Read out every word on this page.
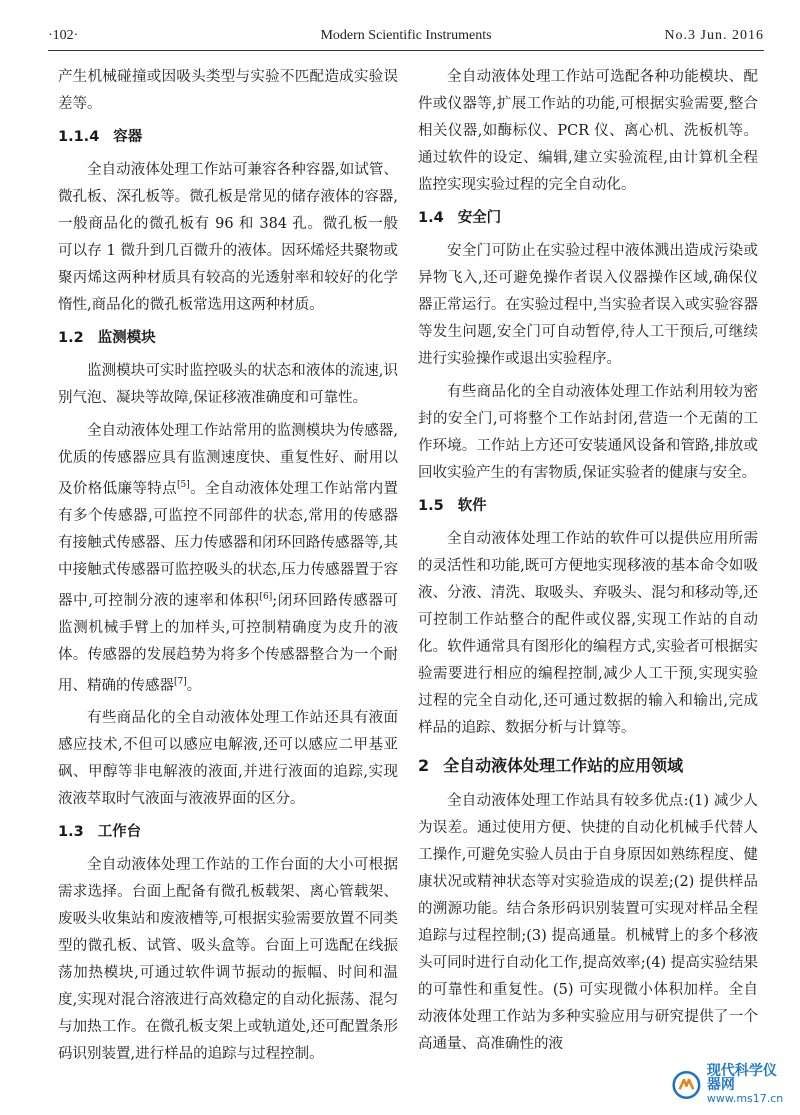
·102·	Modern Scientific Instruments	No.3 Jun. 2016

产生机械碰撞或因吸头类型与实验不匹配造成实验误差等。

1.1.4 容器

全自动液体处理工作站可兼容各种容器,如试管、微孔板、深孔板等。微孔板是常见的储存液体的容器,一般商品化的微孔板有 96 和 384 孔。微孔板一般可以存 1 微升到几百微升的液体。因环烯烃共聚物或聚丙烯这两种材质具有较高的光透射率和较好的化学惰性,商品化的微孔板常选用这两种材质。

1.2 监测模块

监测模块可实时监控吸头的状态和液体的流速,识别气泡、凝块等故障,保证移液准确度和可靠性。

全自动液体处理工作站常用的监测模块为传感器,优质的传感器应具有监测速度快、重复性好、耐用以及价格低廉等特点[5]。全自动液体处理工作站常内置有多个传感器,可监控不同部件的状态,常用的传感器有接触式传感器、压力传感器和闭环回路传感器等,其中接触式传感器可监控吸头的状态,压力传感器置于容器中,可控制分液的速率和体积[6];闭环回路传感器可监测机械手臂上的加样头,可控制精确度为皮升的液体。传感器的发展趋势为将多个传感器整合为一个耐用、精确的传感器[7]。

有些商品化的全自动液体处理工作站还具有液面感应技术,不但可以感应电解液,还可以感应二甲基亚砜、甲醇等非电解液的液面,并进行液面的追踪,实现液液萃取时气液面与液液界面的区分。

1.3 工作台

全自动液体处理工作站的工作台面的大小可根据需求选择。台面上配备有微孔板载架、离心管载架、废吸头收集站和废液槽等,可根据实验需要放置不同类型的微孔板、试管、吸头盒等。台面上可选配在线振荡加热模块,可通过软件调节振动的振幅、时间和温度,实现对混合溶液进行高效稳定的自动化振荡、混匀与加热工作。在微孔板支架上或轨道处,还可配置条形码识别装置,进行样品的追踪与过程控制。

全自动液体处理工作站可选配各种功能模块、配件或仪器等,扩展工作站的功能,可根据实验需要,整合相关仪器,如酶标仪、PCR 仪、离心机、洗板机等。通过软件的设定、编辑,建立实验流程,由计算机全程监控实现实验过程的完全自动化。

1.4 安全门

安全门可防止在实验过程中液体溅出造成污染或异物飞入,还可避免操作者误入仪器操作区域,确保仪器正常运行。在实验过程中,当实验者误入或实验容器等发生问题,安全门可自动暂停,待人工干预后,可继续进行实验操作或退出实验程序。

有些商品化的全自动液体处理工作站利用较为密封的安全门,可将整个工作站封闭,营造一个无菌的工作环境。工作站上方还可安装通风设备和管路,排放或回收实验产生的有害物质,保证实验者的健康与安全。

1.5 软件

全自动液体处理工作站的软件可以提供应用所需的灵活性和功能,既可方便地实现移液的基本命令如吸液、分液、清洗、取吸头、弃吸头、混匀和移动等,还可控制工作站整合的配件或仪器,实现工作站的自动化。软件通常具有图形化的编程方式,实验者可根据实验需要进行相应的编程控制,减少人工干预,实现实验过程的完全自动化,还可通过数据的输入和输出,完成样品的追踪、数据分析与计算等。

2 全自动液体处理工作站的应用领域

全自动液体处理工作站具有较多优点:(1) 减少人为误差。通过使用方便、快捷的自动化机械手代替人工操作,可避免实验人员由于自身原因如熟练程度、健康状况或精神状态等对实验造成的误差;(2) 提供样品的溯源功能。结合条形码识别装置可实现对样品全程追踪与过程控制;(3) 提高通量。机械臂上的多个移液头可同时进行自动化工作,提高效率;(4) 提高实验结果的可靠性和重复性。(5) 可实现微小体积加样。全自动液体处理工作站为多种实验应用与研究提供了一个高通量、高准确性的液

现代科学仪器网
www.ms17.cn
